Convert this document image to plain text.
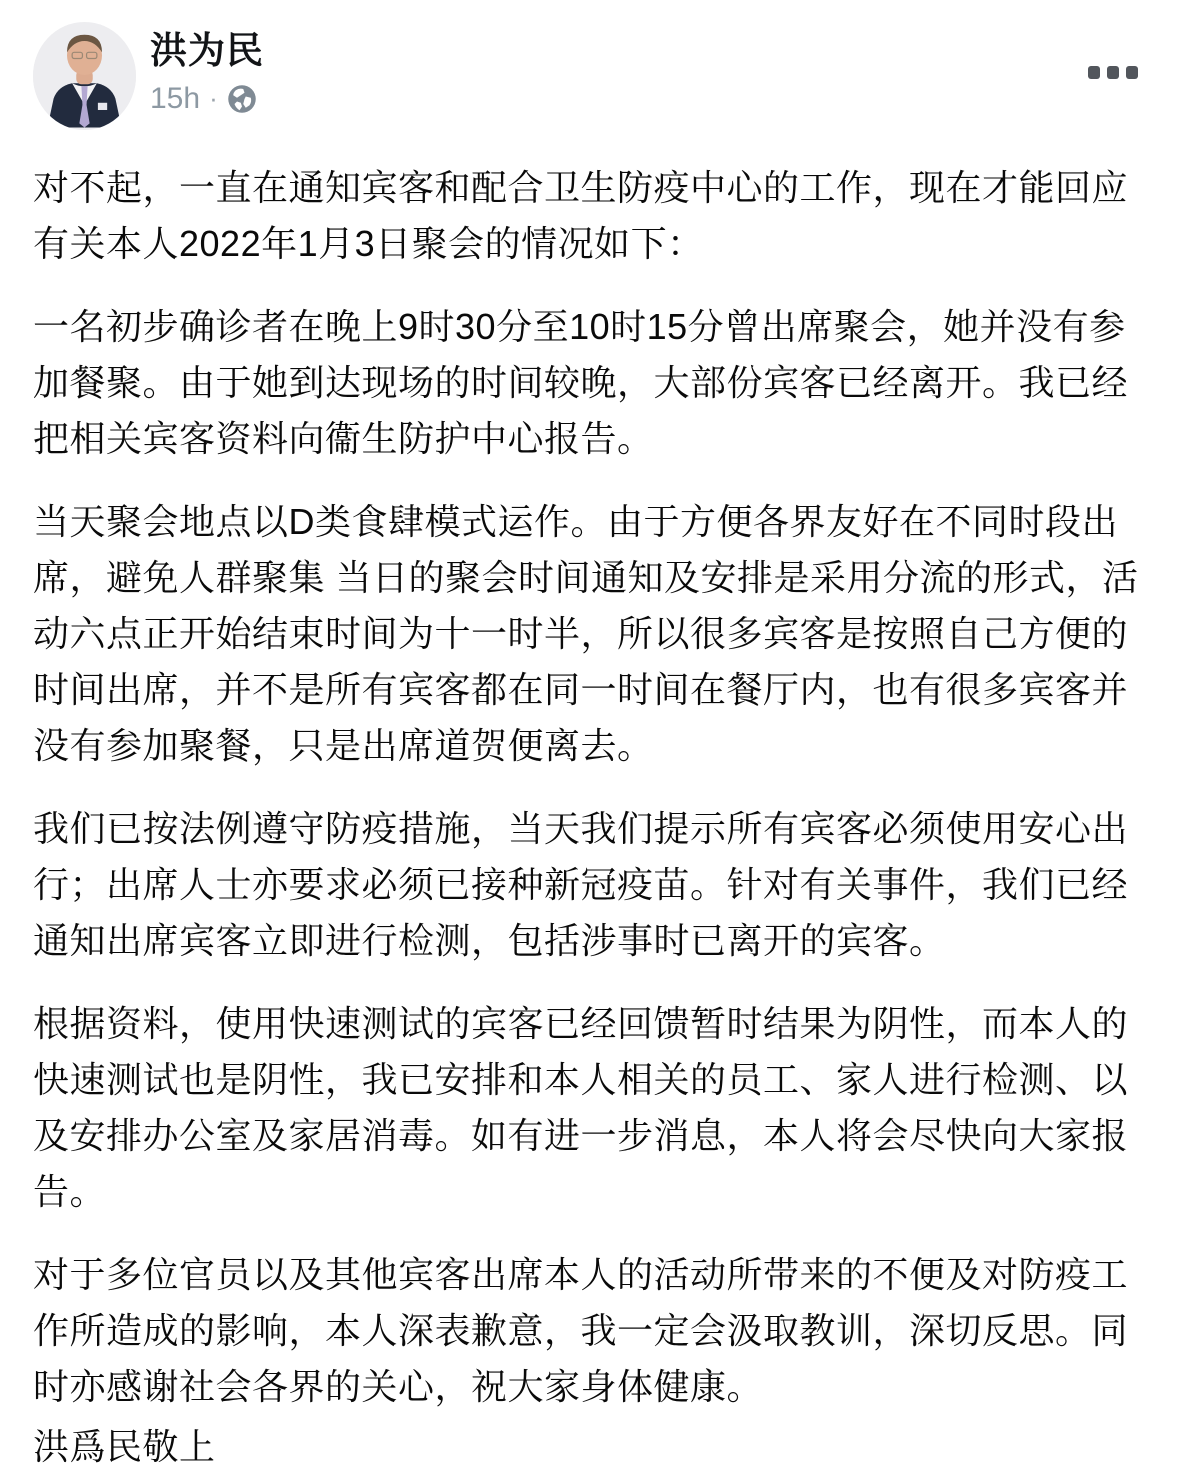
洪为民
15h ·

对不起，一直在通知宾客和配合卫生防疫中心的工作，现在才能回应有关本人2022年1月3日聚会的情况如下：

一名初步确诊者在晚上9时30分至10时15分曾出席聚会，她并没有参加餐聚。由于她到达现场的时间较晚，大部份宾客已经离开。我已经把相关宾客资料向衞生防护中心报告。

当天聚会地点以D类食肆模式运作。由于方便各界友好在不同时段出席，避免人群聚集 当日的聚会时间通知及安排是采用分流的形式，活动六点正开始结束时间为十一时半，所以很多宾客是按照自己方便的时间出席，并不是所有宾客都在同一时间在餐厅内，也有很多宾客并没有参加聚餐，只是出席道贺便离去。

我们已按法例遵守防疫措施，当天我们提示所有宾客必须使用安心出行；出席人士亦要求必须已接种新冠疫苗。针对有关事件，我们已经通知出席宾客立即进行检测，包括涉事时已离开的宾客。

根据资料，使用快速测试的宾客已经回馈暂时结果为阴性，而本人的快速测试也是阴性，我已安排和本人相关的员工、家人进行检测、以及安排办公室及家居消毒。如有进一步消息，本人将会尽快向大家报告。

对于多位官员以及其他宾客出席本人的活动所带来的不便及对防疫工作所造成的影响，本人深表歉意，我一定会汲取教训，深切反思。同时亦感谢社会各界的关心，祝大家身体健康。

洪爲民敬上
